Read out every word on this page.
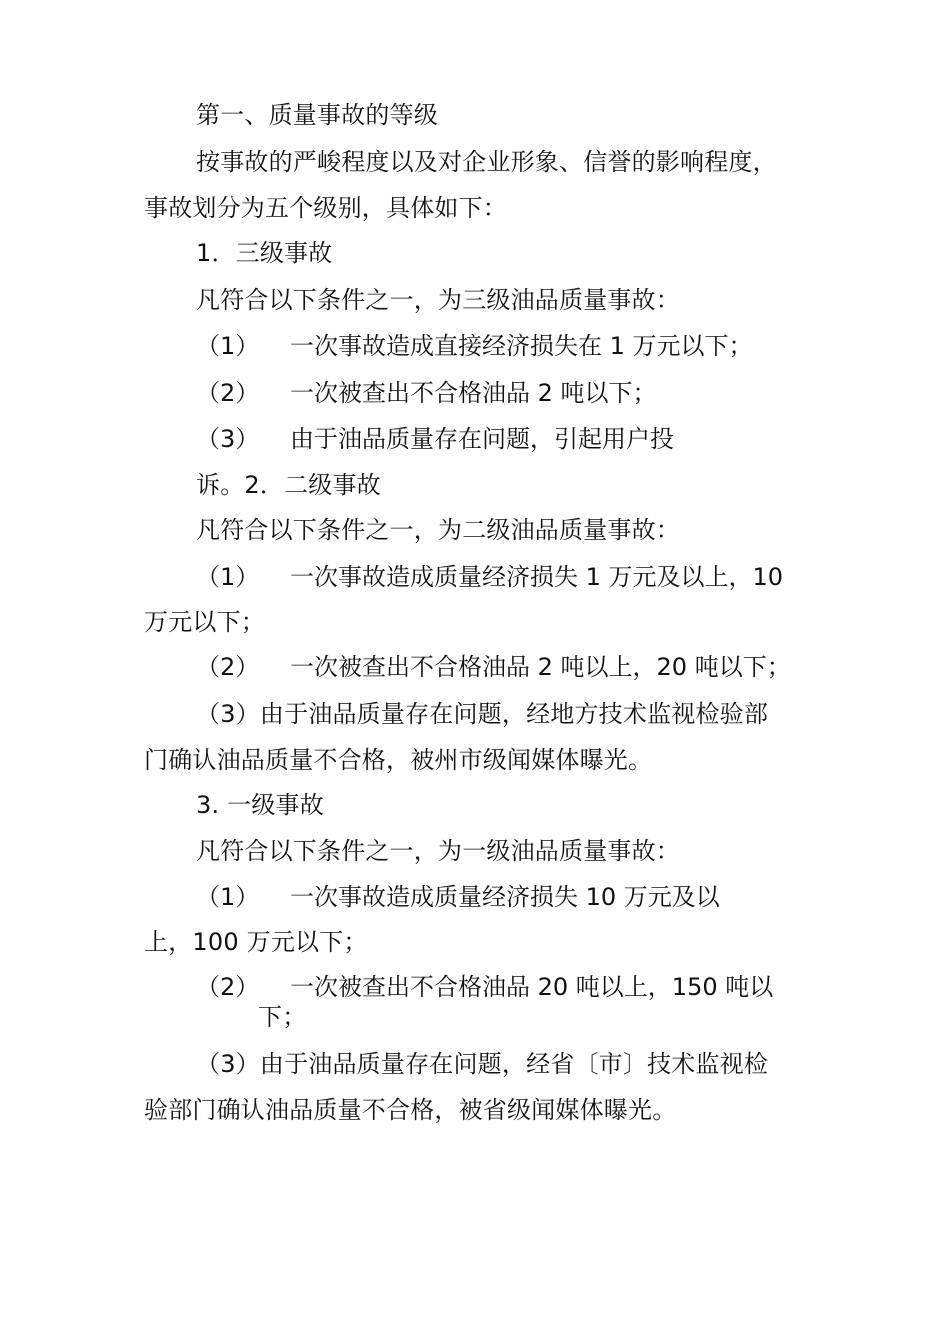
第一、质量事故的等级
按事故的严峻程度以及对企业形象、信誉的影响程度，
事故划分为五个级别，具体如下：
1．三级事故
凡符合以下条件之一，为三级油品质量事故：
（1） 一次事故造成直接经济损失在 1 万元以下；
（2） 一次被查出不合格油品 2 吨以下；
（3） 由于油品质量存在问题，引起用户投
诉。2．二级事故
凡符合以下条件之一，为二级油品质量事故：
（1） 一次事故造成质量经济损失 1 万元及以上，10
万元以下；
（2） 一次被查出不合格油品 2 吨以上，20 吨以下；
（3）由于油品质量存在问题，经地方技术监视检验部
门确认油品质量不合格，被州市级闻媒体曝光。
3. 一级事故
凡符合以下条件之一，为一级油品质量事故：
（1） 一次事故造成质量经济损失 10 万元及以
上，100 万元以下；
（2） 一次被查出不合格油品 20 吨以上，150 吨以
下；
（3）由于油品质量存在问题，经省〔市〕技术监视检
验部门确认油品质量不合格，被省级闻媒体曝光。
